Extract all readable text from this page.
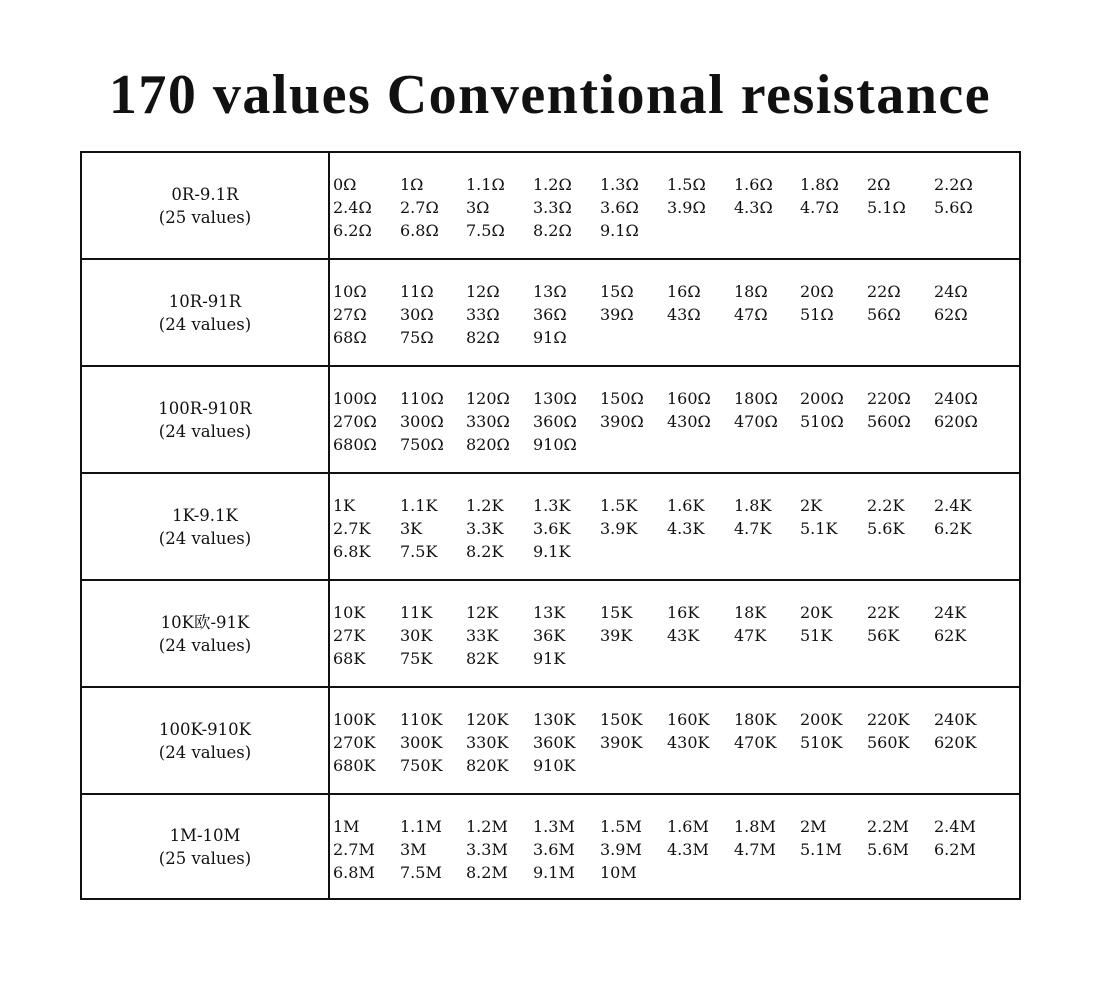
170 values Conventional resistance
0R-9.1R
(25 values)
0Ω	1Ω	1.1Ω 1.2Ω 1.3Ω 1.5Ω 1.6Ω 1.8Ω 2Ω	2.2Ω
2.4Ω 2.7Ω 3Ω	3.3Ω 3.6Ω 3.9Ω 4.3Ω 4.7Ω 5.1Ω 5.6Ω
6.2Ω 6.8Ω 7.5Ω 8.2Ω 9.1Ω
10R-91R
(24 values)
10Ω 11Ω 12Ω 13Ω 15Ω 16Ω 18Ω 20Ω 22Ω 24Ω
27Ω 30Ω 33Ω 36Ω 39Ω 43Ω 47Ω 51Ω 56Ω 62Ω
68Ω 75Ω 82Ω 91Ω
100R-910R
(24 values)
100Ω 110Ω 120Ω 130Ω 150Ω 160Ω 180Ω 200Ω 220Ω 240Ω
270Ω 300Ω 330Ω 360Ω 390Ω 430Ω 470Ω 510Ω 560Ω 620Ω
680Ω 750Ω 820Ω 910Ω
1K-9.1K
(24 values)
1K	1.1K 1.2K 1.3K 1.5K 1.6K 1.8K 2K	2.2K 2.4K
2.7K 3K	3.3K 3.6K 3.9K 4.3K 4.7K 5.1K 5.6K 6.2K
6.8K 7.5K 8.2K 9.1K
10K欧-91K
(24 values)
10K 11K 12K 13K 15K 16K 18K 20K 22K 24K
27K 30K 33K 36K 39K 43K 47K 51K 56K 62K
68K 75K 82K 91K
100K-910K
(24 values)
100K 110K 120K 130K 150K 160K 180K 200K 220K 240K
270K 300K 330K 360K 390K 430K 470K 510K 560K 620K
680K 750K 820K 910K
1M-10M
(25 values)
1M	1.1M 1.2M 1.3M 1.5M 1.6M 1.8M 2M	2.2M 2.4M
2.7M 3M 3.3M 3.6M 3.9M 4.3M 4.7M 5.1M 5.6M 6.2M
6.8M 7.5M 8.2M 9.1M 10M
